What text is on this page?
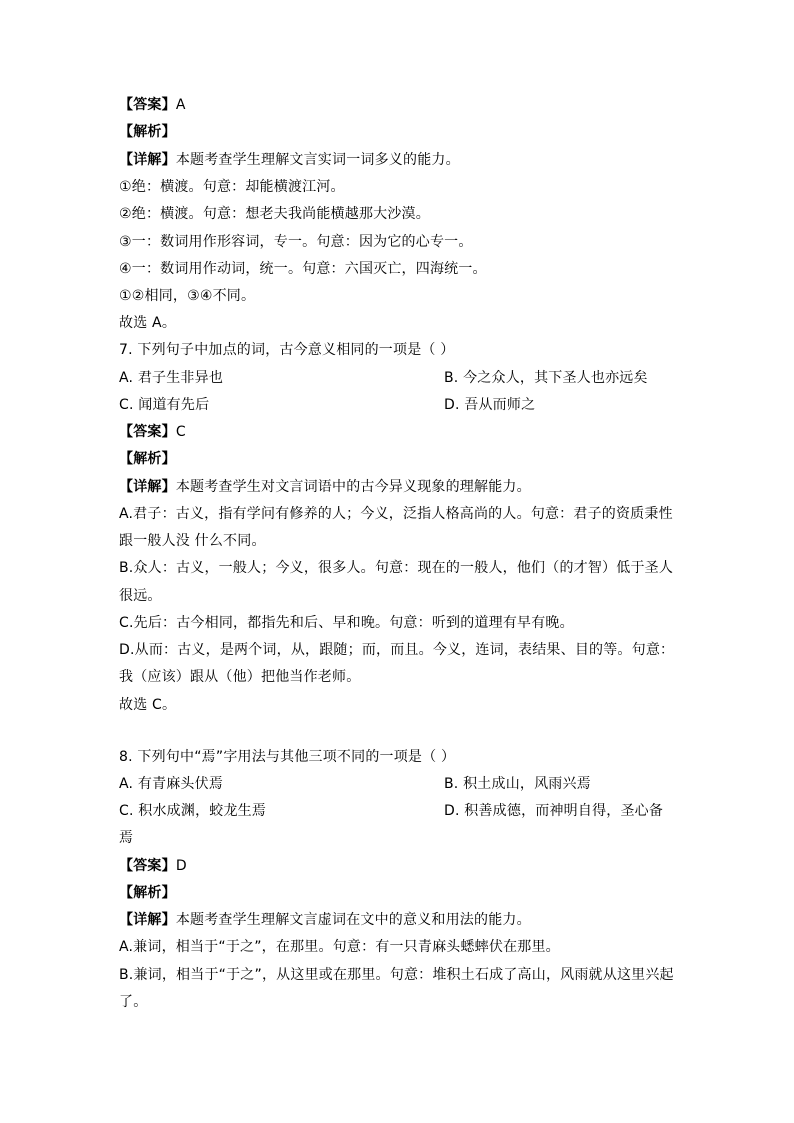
【答案】A
【解析】
【详解】本题考查学生理解文言实词一词多义的能力。
①绝：横渡。句意：却能横渡江河。
②绝：横渡。句意：想老夫我尚能横越那大沙漠。
③一：数词用作形容词，专一。句意：因为它的心专一。
④一：数词用作动词，统一。句意：六国灭亡，四海统一。
①②相同，③④不同。
故选 A。
7. 下列句子中加点的词，古今意义相同的一项是（ ）
A. 君子生非异也	B. 今之众人，其下圣人也亦远矣
C. 闻道有先后	D. 吾从而师之
【答案】C
【解析】
【详解】本题考查学生对文言词语中的古今异义现象的理解能力。
A.君子：古义，指有学问有修养的人；今义，泛指人格高尚的人。句意：君子的资质秉性
跟一般人没 什么不同。
B.众人：古义，一般人；今义，很多人。句意：现在的一般人，他们（的才智）低于圣人
很远。
C.先后：古今相同，都指先和后、早和晚。句意：听到的道理有早有晚。
D.从而：古义，是两个词，从，跟随；而，而且。今义，连词，表结果、目的等。句意：
我（应该）跟从（他）把他当作老师。
故选 C。
8. 下列句中“焉”字用法与其他三项不同的一项是（ ）
A. 有青麻头伏焉	B. 积土成山，风雨兴焉
C. 积水成渊，蛟龙生焉	D. 积善成德，而神明自得，圣心备
焉
【答案】D
【解析】
【详解】本题考查学生理解文言虚词在文中的意义和用法的能力。
A.兼词，相当于“于之”，在那里。句意：有一只青麻头蟋蟀伏在那里。
B.兼词，相当于“于之”，从这里或在那里。句意：堆积土石成了高山，风雨就从这里兴起
了。
